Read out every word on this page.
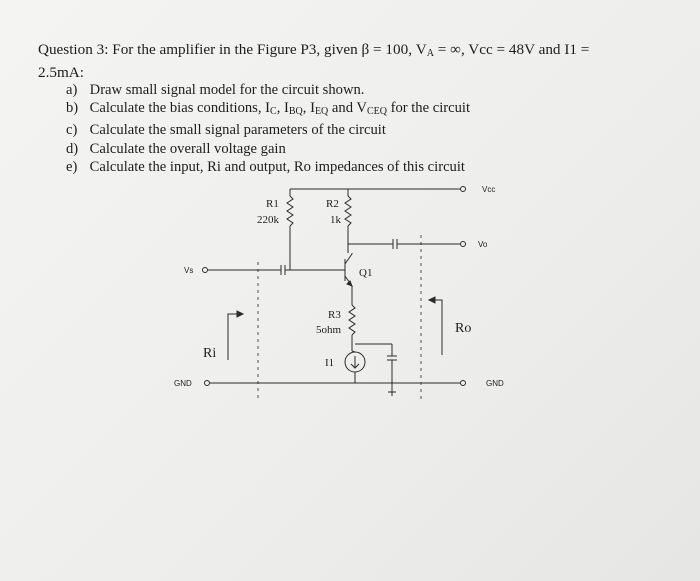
Question 3: For the amplifier in the Figure P3, given β = 100, $V_A$ = ∞, Vcc = 48V and I1 =
2.5mA:
a) Draw small signal model for the circuit shown.
b) Calculate the bias conditions, $I_C$, $I_{BQ}$, $I_{EQ}$ and $V_{CEQ}$ for the circuit
c) Calculate the small signal parameters of the circuit
d) Calculate the overall voltage gain
e) Calculate the input, Ri and output, Ro impedances of this circuit
Vcc
Vo
Vs
GND	GND
R1
220k
R2
1k
Q1
R3
5ohm
I1
Ri
Ro
